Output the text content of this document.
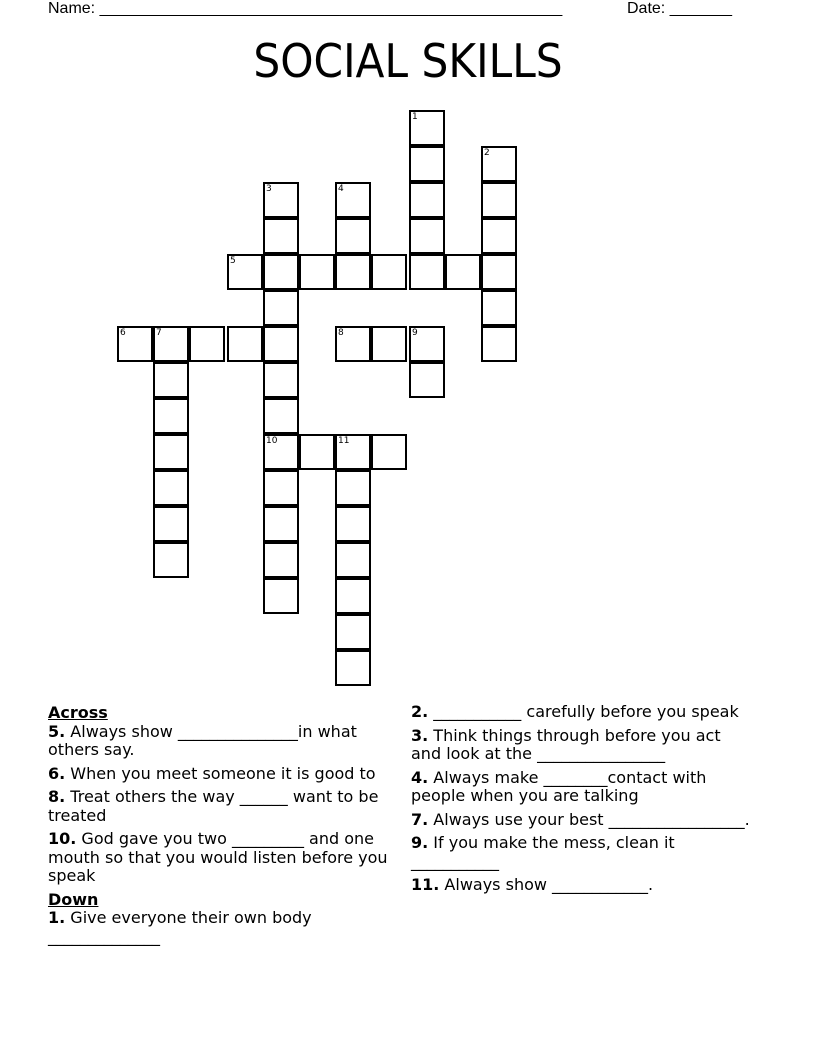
Name: ____________________________________________________	Date: _______
SOCIAL SKILLS
1
2
3
10
4
5
6	7	8	9
11
Across
5. Always show _______________in what others say.
6. When you meet someone it is good to
8. Treat others the way ______ want to be treated
10. God gave you two _________ and one mouth so that you would listen before you speak
Down
1. Give everyone their own body ______________
2. ___________ carefully before you speak
3. Think things through before you act and look at the ________________
4. Always make ________contact with people when you are talking
7. Always use your best _________________.
9. If you make the mess, clean it ___________
11. Always show ____________.
